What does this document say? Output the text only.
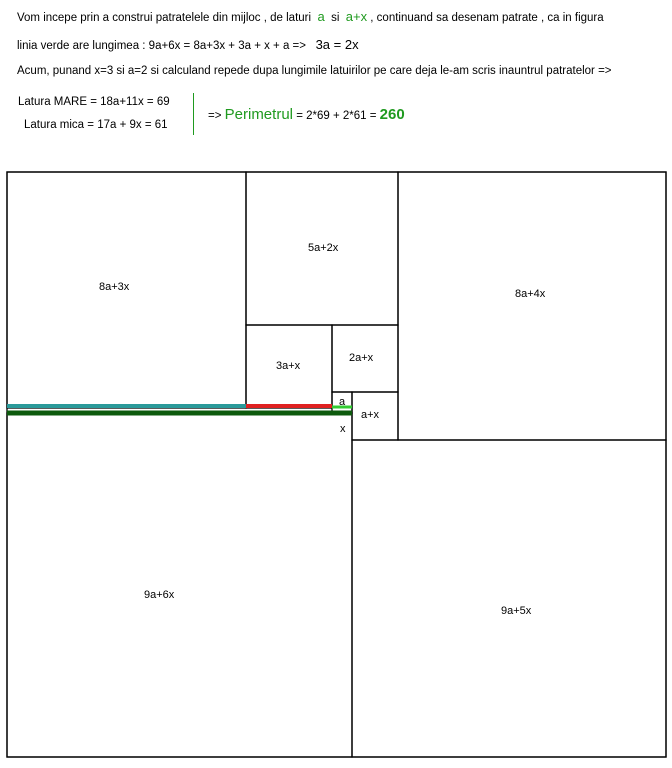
Vom incepe prin a construi patratelele din mijloc , de laturi a si a+x , continuand sa desenam patrate , ca in figura
linia verde are lungimea : 9a+6x = 8a+3x + 3a + x + a => 3a = 2x
Acum, punand x=3 si a=2 si calculand repede dupa lungimile latuirilor pe care deja le-am scris inauntrul patratelor =>
Latura MARE = 18a+11x = 69
Latura mica = 17a + 9x = 61
=> Perimetrul = 2*69 + 2*61 = 260
8a+3x
5a+2x
8a+4x
3a+x
2a+x
a
a+x
x
9a+6x
9a+5x
